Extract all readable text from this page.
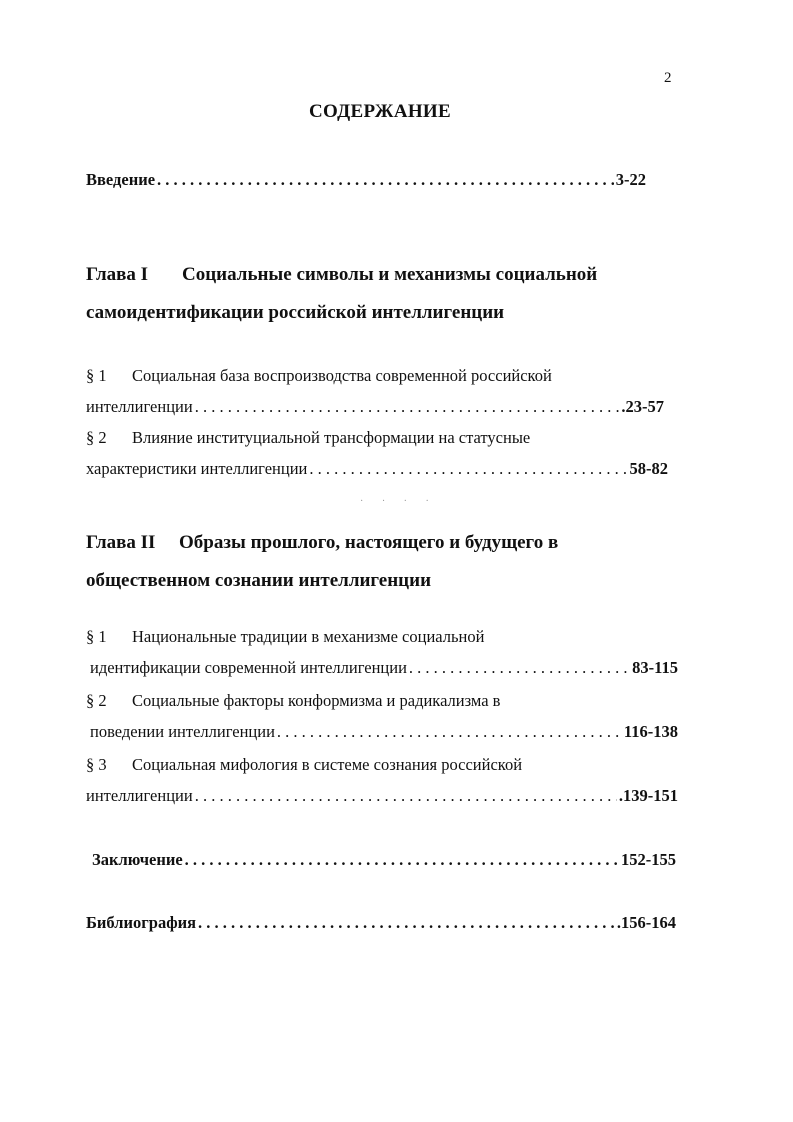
2
СОДЕРЖАНИЕ
Введение . . .	3-22
Глава I Социальные символы и механизмы социальной
самоидентификации российской интеллигенции
§ 1	Социальная база воспроизводства современной российской
интеллигенции . . .	.23-57
§ 2	Влияние институциальной трансформации на статусные
характеристики интеллигенции . . .	58-82
· · · ·
Глава II Образы прошлого, настоящего и будущего в
общественном сознании интеллигенции
§ 1	Национальные традиции в механизме социальной
идентификации современной интеллигенции . . .	83-115
§ 2	Социальные факторы конформизма и радикализма в
поведении интеллигенции . . .	116-138
§ 3	Социальная мифология в системе сознания российской
интеллигенции . . .	.139-151
Заключение . . .	152-155
Библиография . . .	.156-164
